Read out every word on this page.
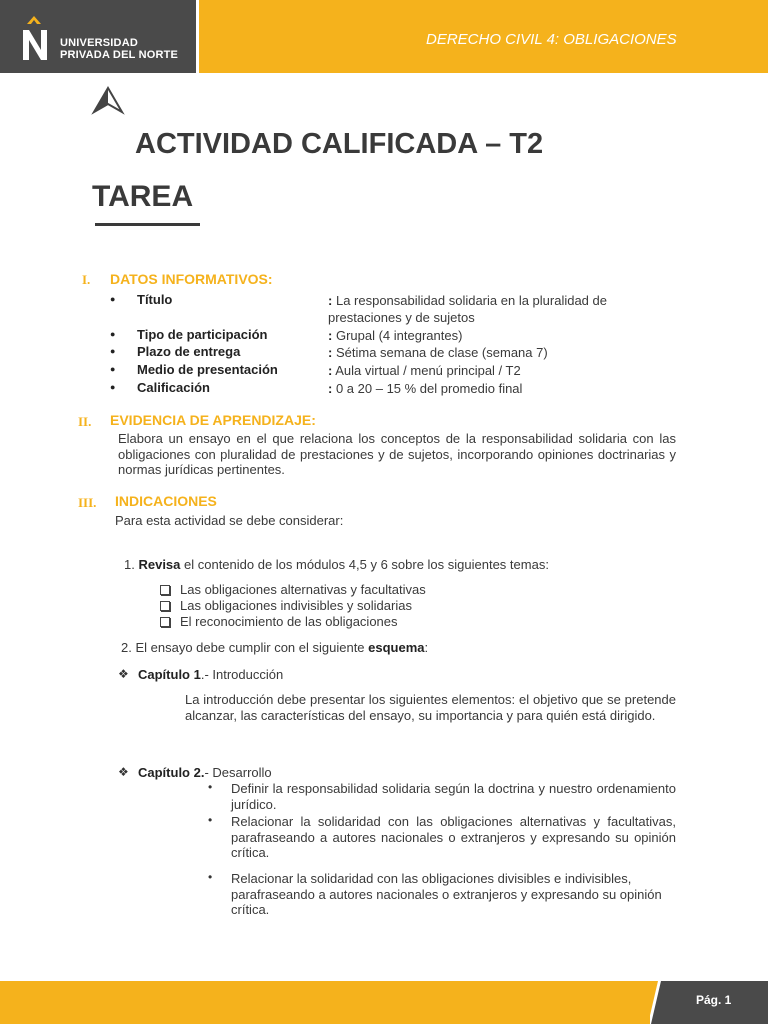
UNIVERSIDAD
PRIVADA DEL NORTE
DERECHO CIVIL 4: OBLIGACIONES
ACTIVIDAD CALIFICADA – T2
TAREA
I. DATOS INFORMATIVOS:
● Título	: La responsabilidad solidaria en la pluralidad de prestaciones y de sujetos
● Tipo de participación	: Grupal (4 integrantes)
● Plazo de entrega	: Sétima semana de clase (semana 7)
● Medio de presentación	: Aula virtual / menú principal / T2
● Calificación	: 0 a 20 – 15 % del promedio final
II. EVIDENCIA DE APRENDIZAJE:
Elabora un ensayo en el que relaciona los conceptos de la responsabilidad solidaria con las obligaciones con pluralidad de prestaciones y de sujetos, incorporando opiniones doctrinarias y normas jurídicas pertinentes.
III. INDICACIONES
Para esta actividad se debe considerar:
1. Revisa el contenido de los módulos 4,5 y 6 sobre los siguientes temas:
Las obligaciones alternativas y facultativas
Las obligaciones indivisibles y solidarias
El reconocimiento de las obligaciones
2. El ensayo debe cumplir con el siguiente esquema:
❖ Capítulo 1.- Introducción
La introducción debe presentar los siguientes elementos: el objetivo que se pretende alcanzar, las características del ensayo, su importancia y para quién está dirigido.
❖ Capítulo 2.- Desarrollo
• Definir la responsabilidad solidaria según la doctrina y nuestro ordenamiento jurídico.
• Relacionar la solidaridad con las obligaciones alternativas y facultativas, parafraseando a autores nacionales o extranjeros y expresando su opinión crítica.
• Relacionar la solidaridad con las obligaciones divisibles e indivisibles, parafraseando a autores nacionales o extranjeros y expresando su opinión crítica.
Pág. 1
